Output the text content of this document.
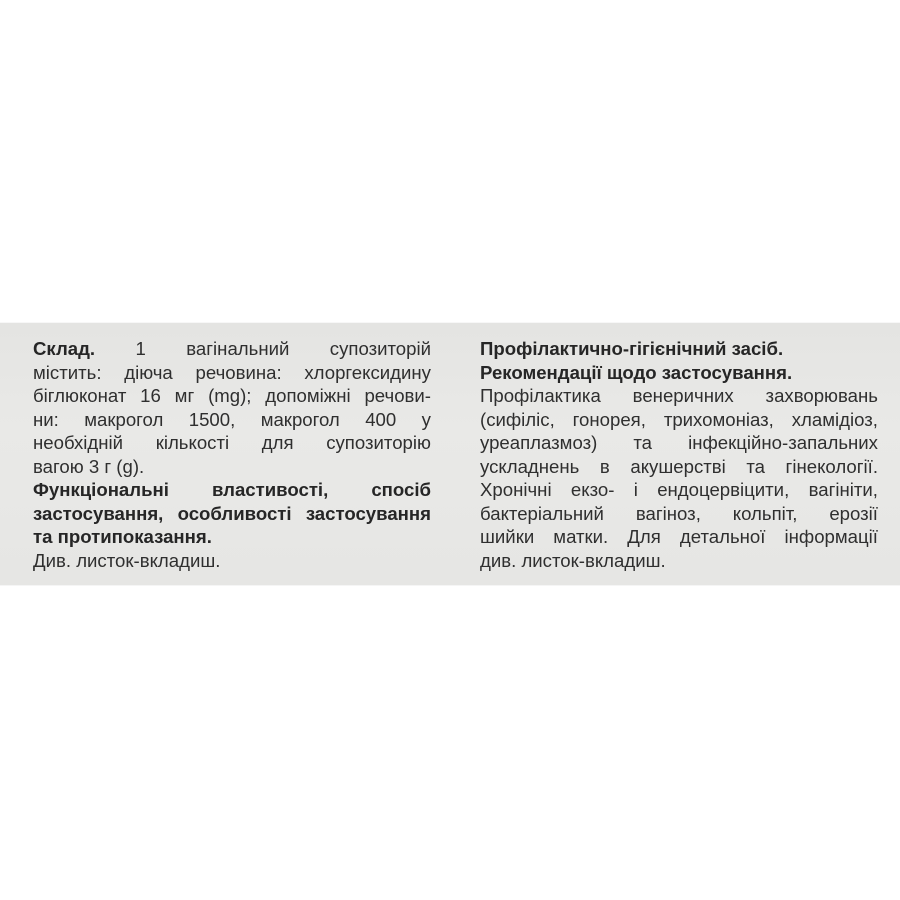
Склад. 1 вагінальний супозиторій
містить: діюча речовина: хлоргексидину
біглюконат 16 мг (mg); допоміжні речови-
ни: макрогол 1500, макрогол 400 у
необхідній кількості для супозиторію
вагою 3 г (g).
Функціональні властивості, спосіб
застосування, особливості застосування
та протипоказання.
Див. листок-вкладиш.
Профілактично-гігієнічний засіб.
Рекомендації щодо застосування.
Профілактика венеричних захворювань
(сифіліс, гонорея, трихомоніаз, хламідіоз,
уреаплазмоз) та інфекційно-запальних
ускладнень в акушерстві та гінекології.
Хронічні екзо- і ендоцервіцити, вагініти,
бактеріальний вагіноз, кольпіт, ерозії
шийки матки. Для детальної інформації
див. листок-вкладиш.
